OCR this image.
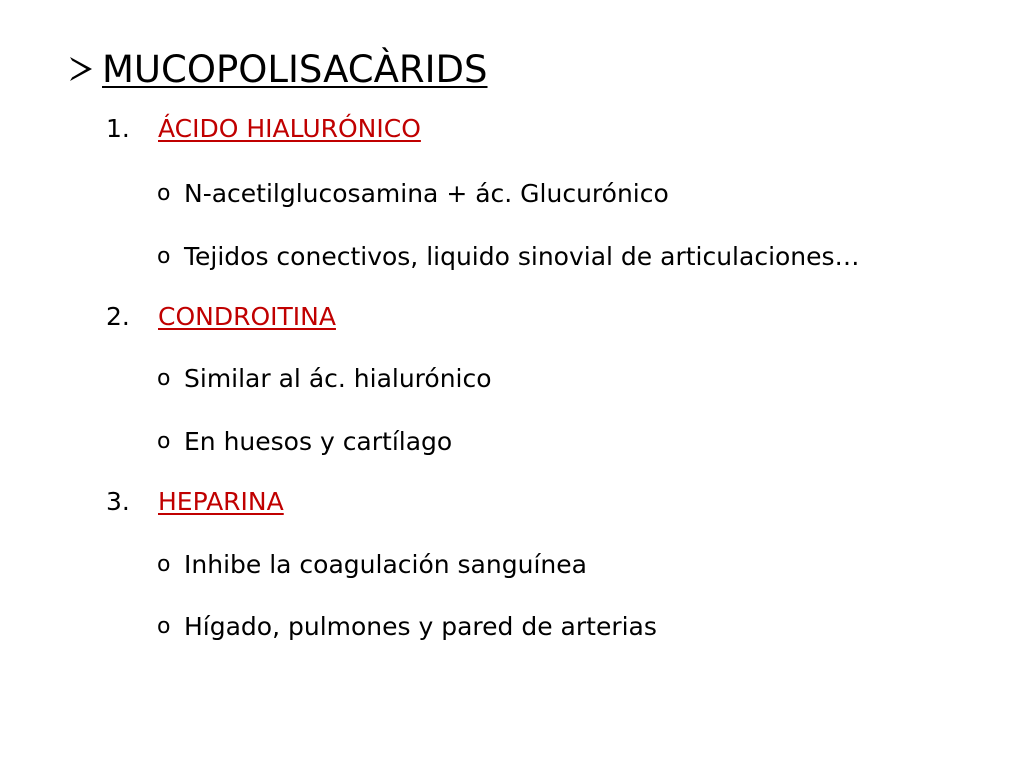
MUCOPOLISACÀRIDS
1. ÁCIDO HIALURÓNICO
o N-acetilglucosamina + ác. Glucurónico
o Tejidos conectivos, liquido sinovial de articulaciones…
2. CONDROITINA
o Similar al ác. hialurónico
o En huesos y cartílago
3. HEPARINA
o Inhibe la coagulación sanguínea
o Hígado, pulmones y pared de arterias
